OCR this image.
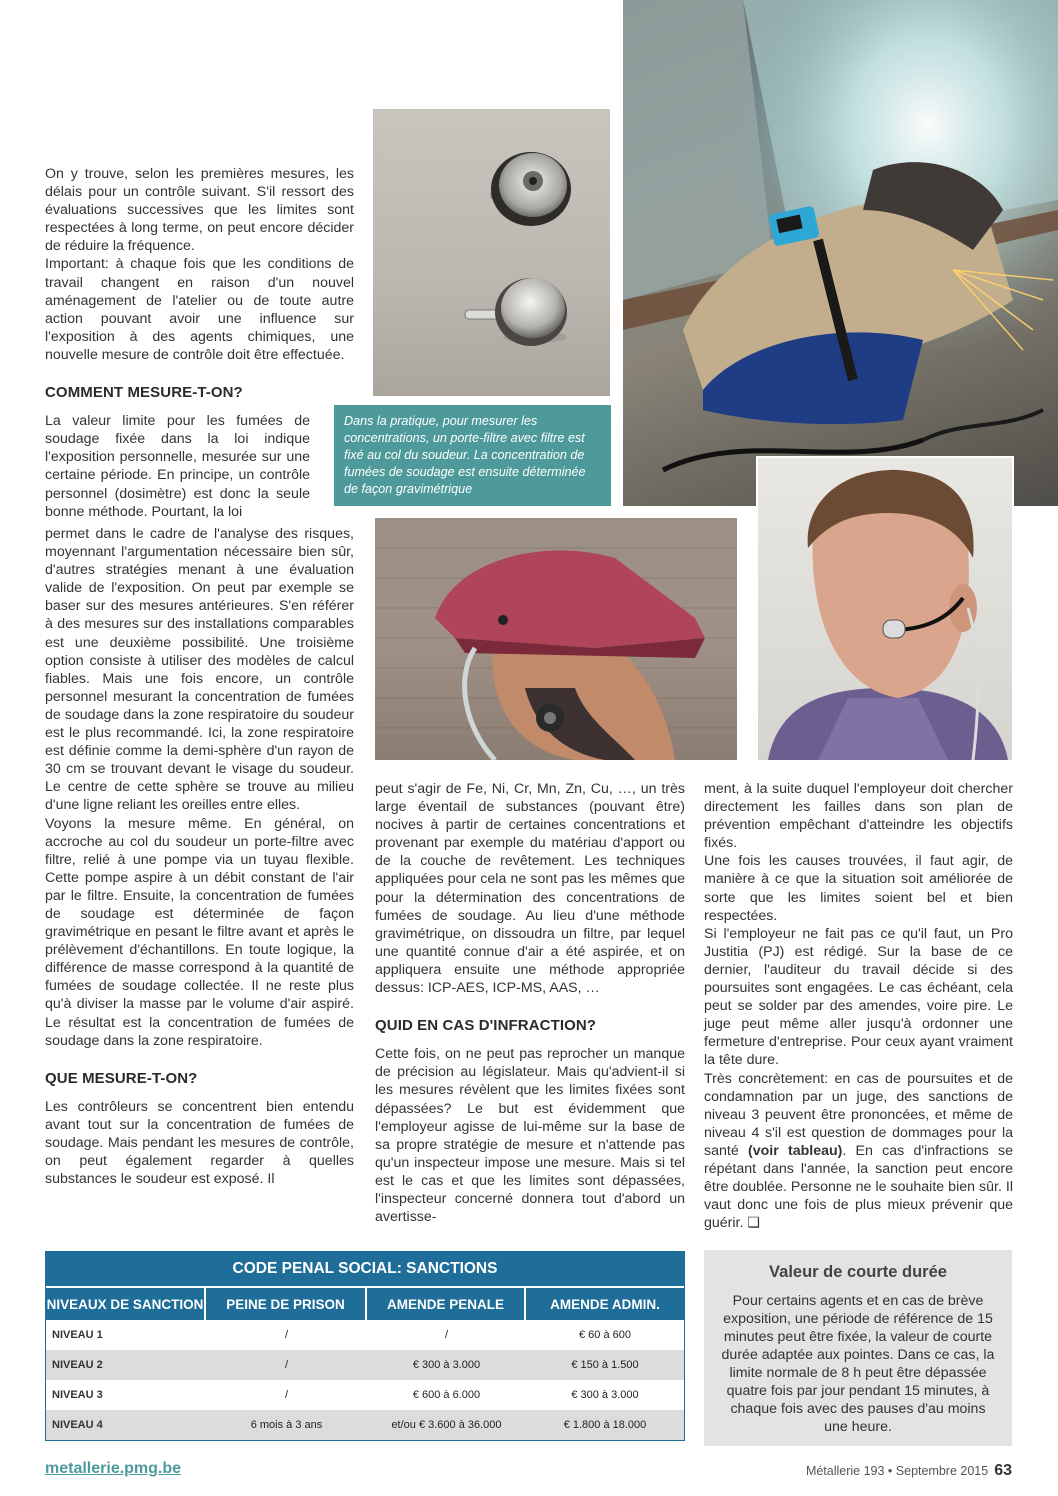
On y trouve, selon les premières mesures, les délais pour un contrôle suivant. S'il ressort des évaluations successives que les limites sont respectées à long terme, on peut encore décider de réduire la fréquence.

Important: à chaque fois que les conditions de travail changent en raison d'un nouvel aménagement de l'atelier ou de toute autre action pouvant avoir une influence sur l'exposition à des agents chimiques, une nouvelle mesure de contrôle doit être effectuée.

COMMENT MESURE-T-ON?

La valeur limite pour les fumées de soudage fixée dans la loi indique l'exposition personnelle, mesurée sur une certaine période. En principe, un contrôle personnel (dosimètre) est donc la seule bonne méthode. Pourtant, la loi

permet dans le cadre de l'analyse des risques, moyennant l'argumentation nécessaire bien sûr, d'autres stratégies menant à une évaluation valide de l'exposition. On peut par exemple se baser sur des mesures antérieures. S'en référer à des mesures sur des installations comparables est une deuxième possibilité. Une troisième option consiste à utiliser des modèles de calcul fiables. Mais une fois encore, un contrôle personnel mesurant la concentration de fumées de soudage dans la zone respiratoire du soudeur est le plus recommandé. Ici, la zone respiratoire est définie comme la demi-sphère d'un rayon de 30 cm se trouvant devant le visage du soudeur. Le centre de cette sphère se trouve au milieu d'une ligne reliant les oreilles entre elles.

Voyons la mesure même. En général, on accroche au col du soudeur un porte-filtre avec filtre, relié à une pompe via un tuyau flexible. Cette pompe aspire à un débit constant de l'air par le filtre. Ensuite, la concentration de fumées de soudage est déterminée de façon gravimétrique en pesant le filtre avant et après le prélèvement d'échantillons. En toute logique, la différence de masse correspond à la quantité de fumées de soudage collectée. Il ne reste plus qu'à diviser la masse par le volume d'air aspiré. Le résultat est la concentration de fumées de soudage dans la zone respiratoire.

QUE MESURE-T-ON?

Les contrôleurs se concentrent bien entendu avant tout sur la concentration de fumées de soudage. Mais pendant les mesures de contrôle, on peut également regarder à quelles substances le soudeur est exposé. Il

peut s'agir de Fe, Ni, Cr, Mn, Zn, Cu, …, un très large éventail de substances (pouvant être) nocives à partir de certaines concentrations et provenant par exemple du matériau d'apport ou de la couche de revêtement. Les techniques appliquées pour cela ne sont pas les mêmes que pour la détermination des concentrations de fumées de soudage. Au lieu d'une méthode gravimétrique, on dissoudra un filtre, par lequel une quantité connue d'air a été aspirée, et on appliquera ensuite une méthode appropriée dessus: ICP-AES, ICP-MS, AAS, …

QUID EN CAS D'INFRACTION?

Cette fois, on ne peut pas reprocher un manque de précision au législateur. Mais qu'advient-il si les mesures révèlent que les limites fixées sont dépassées? Le but est évidemment que l'employeur agisse de lui-même sur la base de sa propre stratégie de mesure et n'attende pas qu'un inspecteur impose une mesure. Mais si tel est le cas et que les limites sont dépassées, l'inspecteur concerné donnera tout d'abord un avertisse-

ment, à la suite duquel l'employeur doit chercher directement les failles dans son plan de prévention empêchant d'atteindre les objectifs fixés.

Une fois les causes trouvées, il faut agir, de manière à ce que la situation soit améliorée de sorte que les limites soient bel et bien respectées.

Si l'employeur ne fait pas ce qu'il faut, un Pro Justitia (PJ) est rédigé. Sur la base de ce dernier, l'auditeur du travail décide si des poursuites sont engagées. Le cas échéant, cela peut se solder par des amendes, voire pire. Le juge peut même aller jusqu'à ordonner une fermeture d'entreprise. Pour ceux ayant vraiment la tête dure.

Très concrètement: en cas de poursuites et de condamnation par un juge, des sanctions de niveau 3 peuvent être prononcées, et même de niveau 4 s'il est question de dommages pour la santé (voir tableau). En cas d'infractions se répétant dans l'année, la sanction peut encore être doublée. Personne ne le souhaite bien sûr. Il vaut donc une fois de plus mieux prévenir que guérir. ❑

Dans la pratique, pour mesurer les concentrations, un porte-filtre avec filtre est fixé au col du soudeur. La concentration de fumées de soudage est ensuite déterminée de façon gravimétrique
CODE PENAL SOCIAL: SANCTIONS
NIVEAUX DE SANCTION	PEINE DE PRISON	AMENDE PENALE	AMENDE ADMIN.
NIVEAU 1	/	/	€ 60 à 600
NIVEAU 2	/	€ 300 à 3.000	€ 150 à 1.500
NIVEAU 3	/	€ 600 à 6.000	€ 300 à 3.000
NIVEAU 4	6 mois à 3 ans	et/ou € 3.600 à 36.000	€ 1.800 à 18.000
Valeur de courte durée

Pour certains agents et en cas de brève exposition, une période de référence de 15 minutes peut être fixée, la valeur de courte durée adaptée aux pointes. Dans ce cas, la limite normale de 8 h peut être dépassée quatre fois par jour pendant 15 minutes, à chaque fois avec des pauses d'au moins une heure.

metallerie.pmg.be	Métallerie 193 • Septembre 2015 63
